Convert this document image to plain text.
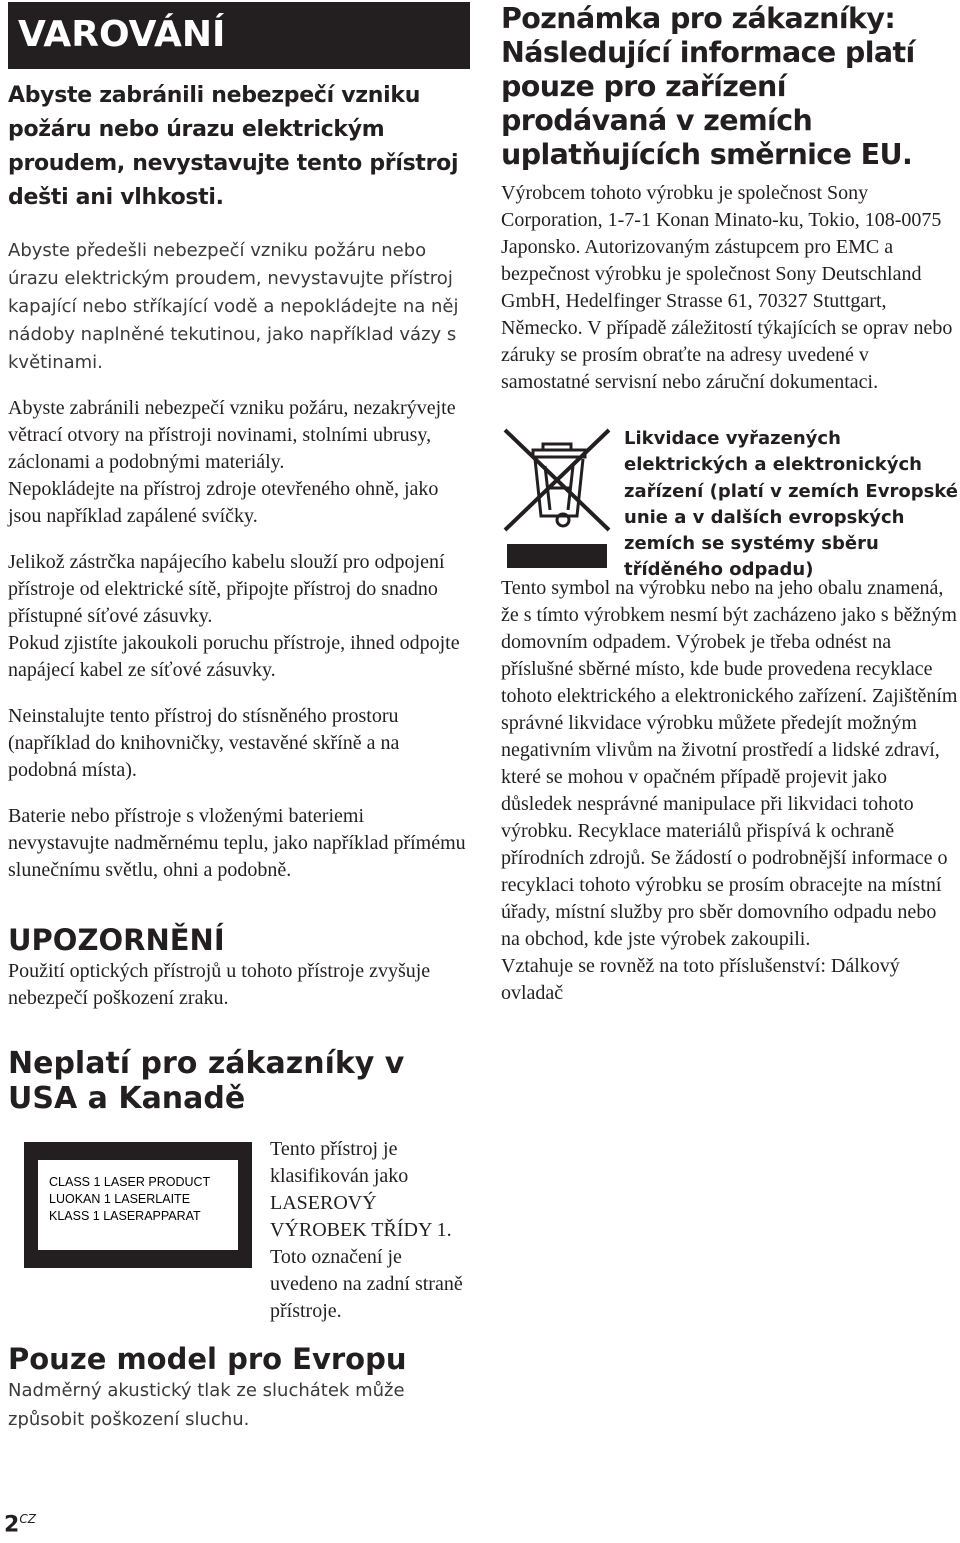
VAROVÁNÍ

Abyste zabránili nebezpečí vzniku požáru nebo úrazu elektrickým proudem, nevystavujte tento přístroj dešti ani vlhkosti.

Abyste předešli nebezpečí vzniku požáru nebo úrazu elektrickým proudem, nevystavujte přístroj kapající nebo stříkající vodě a nepokládejte na něj nádoby naplněné tekutinou, jako například vázy s květinami.

Abyste zabránili nebezpečí vzniku požáru, nezakrývejte větrací otvory na přístroji novinami, stolními ubrusy, záclonami a podobnými materiály.

Nepokládejte na přístroj zdroje otevřeného ohně, jako jsou například zapálené svíčky.

Jelikož zástrčka napájecího kabelu slouží pro odpojení přístroje od elektrické sítě, připojte přístroj do snadno přístupné síťové zásuvky.

Pokud zjistíte jakoukoli poruchu přístroje, ihned odpojte napájecí kabel ze síťové zásuvky.

Neinstalujte tento přístroj do stísněného prostoru (například do knihovničky, vestavěné skříně a na podobná místa).

Baterie nebo přístroje s vloženými bateriemi nevystavujte nadměrnému teplu, jako například přímému slunečnímu světlu, ohni a podobně.

UPOZORNĚNÍ

Použití optických přístrojů u tohoto přístroje zvyšuje nebezpečí poškození zraku.

Neplatí pro zákazníky v USA a Kanadě
CLASS 1 LASER PRODUCT
LUOKAN 1 LASERLAITE
KLASS 1 LASERAPPARAT

Tento přístroj je klasifikován jako LASEROVÝ VÝROBEK TŘÍDY 1. Toto označení je uvedeno na zadní straně přístroje.

Pouze model pro Evropu

Nadměrný akustický tlak ze sluchátek může způsobit poškození sluchu.

Poznámka pro zákazníky: Následující informace platí pouze pro zařízení prodávaná v zemích uplatňujících směrnice EU.

Výrobcem tohoto výrobku je společnost Sony Corporation, 1-7-1 Konan Minato-ku, Tokio, 108-0075 Japonsko. Autorizovaným zástupcem pro EMC a bezpečnost výrobku je společnost Sony Deutschland GmbH, Hedelfinger Strasse 61, 70327 Stuttgart, Německo. V případě záležitostí týkajících se oprav nebo záruky se prosím obraťte na adresy uvedené v samostatné servisní nebo záruční dokumentaci.

Likvidace vyřazených elektrických a elektronických zařízení (platí v zemích Evropské unie a v dalších evropských zemích se systémy sběru tříděného odpadu)

Tento symbol na výrobku nebo na jeho obalu znamená, že s tímto výrobkem nesmí být zacházeno jako s běžným domovním odpadem. Výrobek je třeba odnést na příslušné sběrné místo, kde bude provedena recyklace tohoto elektrického a elektronického zařízení. Zajištěním správné likvidace výrobku můžete předejít možným negativním vlivům na životní prostředí a lidské zdraví, které se mohou v opačném případě projevit jako důsledek nesprávné manipulace při likvidaci tohoto výrobku. Recyklace materiálů přispívá k ochraně přírodních zdrojů. Se žádostí o podrobnější informace o recyklaci tohoto výrobku se prosím obracejte na místní úřady, místní služby pro sběr domovního odpadu nebo na obchod, kde jste výrobek zakoupili.

Vztahuje se rovněž na toto příslušenství: Dálkový ovladač

$2^{CZ}$
